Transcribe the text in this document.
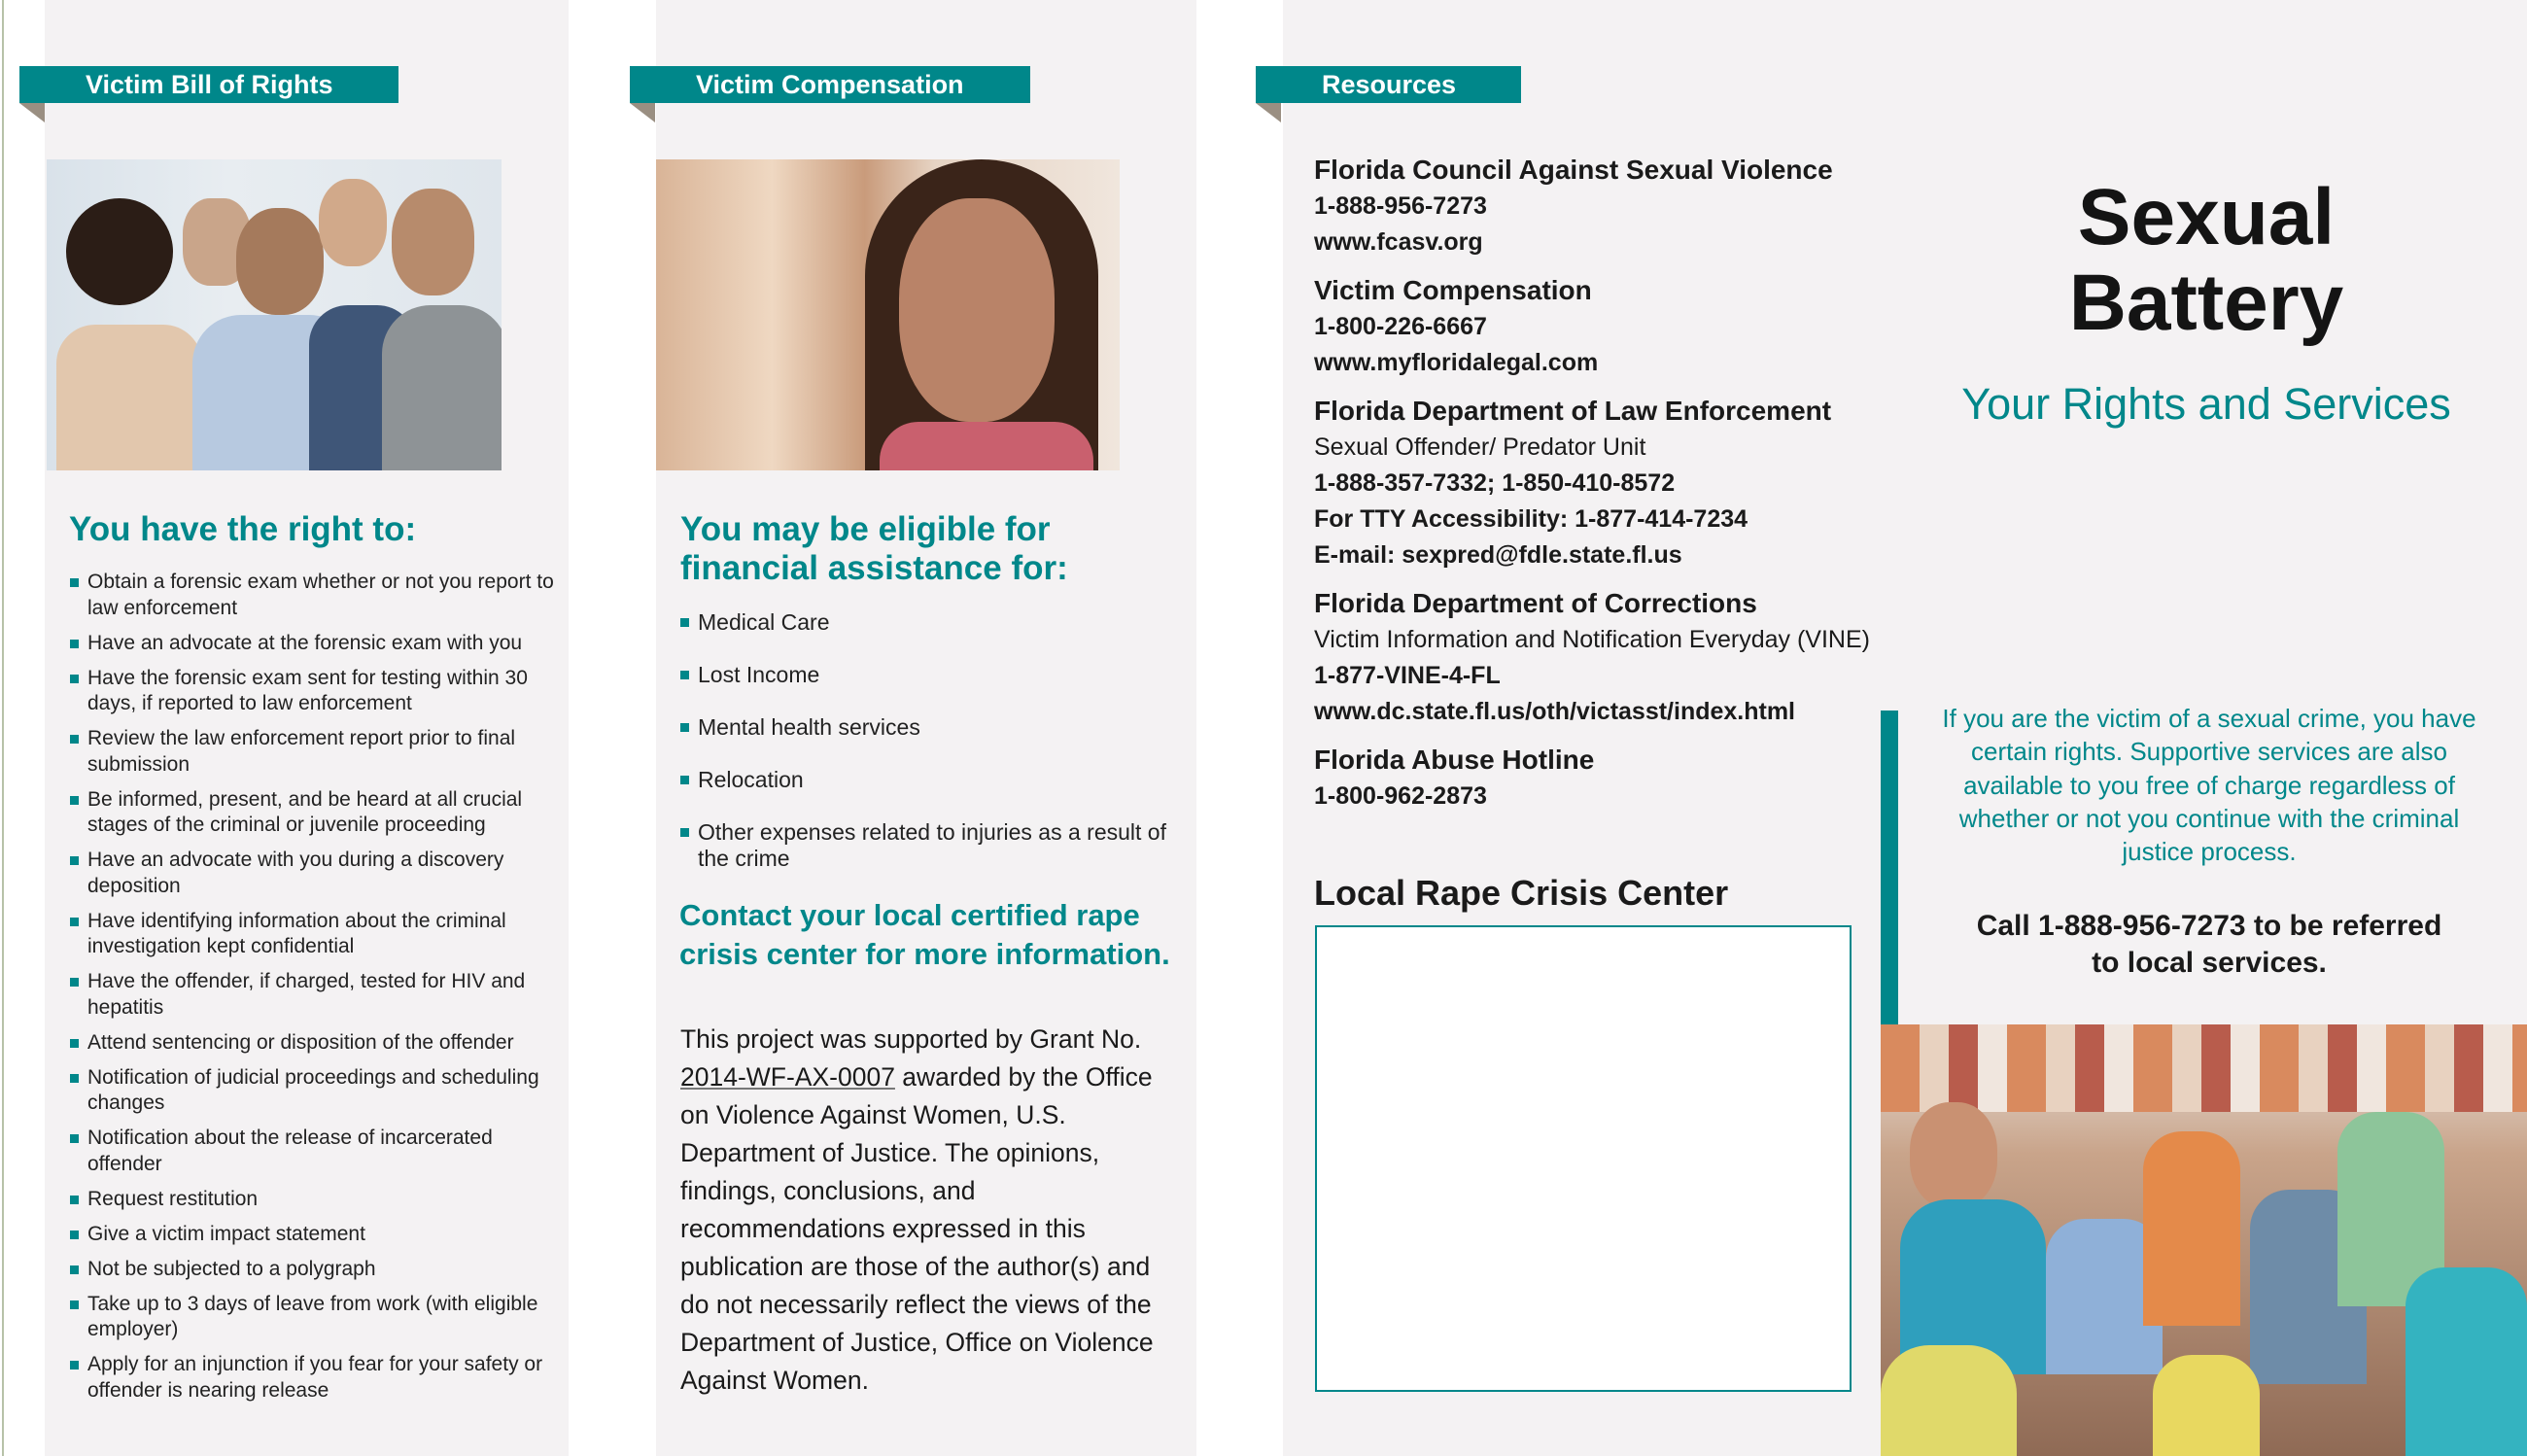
Victim Bill of Rights
You have the right to:
Obtain a forensic exam whether or not you report to law enforcement
Have an advocate at the forensic exam with you
Have the forensic exam sent for testing within 30 days, if reported to law enforcement
Review the law enforcement report prior to final submission
Be informed, present, and be heard at all crucial stages of the criminal or juvenile proceeding
Have an advocate with you during a discovery deposition
Have identifying information about the criminal investigation kept confidential
Have the offender, if charged, tested for HIV and hepatitis
Attend sentencing or disposition of the offender
Notification of judicial proceedings and scheduling changes
Notification about the release of incarcerated offender
Request restitution
Give a victim impact statement
Not be subjected to a polygraph
Take up to 3 days of leave from work (with eligible employer)
Apply for an injunction if you fear for your safety or offender is nearing release
Victim Compensation
You may be eligible for
financial assistance for:
Medical Care
Lost Income
Mental health services
Relocation
Other expenses related to injuries as a result of the crime
Contact your local certified rape
crisis center for more information.
This project was supported by Grant No. 2014-WF-AX-0007 awarded by the Office on Violence Against Women, U.S. Department of Justice. The opinions, findings, conclusions, and recommendations expressed in this publication are those of the author(s) and do not necessarily reflect the views of the Department of Justice, Office on Violence Against Women.
Resources
Florida Council Against Sexual Violence
1-888-956-7273
www.fcasv.org
Victim Compensation
1-800-226-6667
www.myfloridalegal.com
Florida Department of Law Enforcement
Sexual Offender/ Predator Unit
1-888-357-7332; 1-850-410-8572
For TTY Accessibility: 1-877-414-7234
E-mail: sexpred@fdle.state.fl.us
Florida Department of Corrections
Victim Information and Notification Everyday (VINE)
1-877-VINE-4-FL
www.dc.state.fl.us/oth/victasst/index.html
Florida Abuse Hotline
1-800-962-2873
Local Rape Crisis Center
Sexual
Battery
Your Rights and Services
If you are the victim of a sexual crime, you have certain rights. Supportive services are also available to you free of charge regardless of whether or not you continue with the criminal justice process.
Call 1-888-956-7273 to be referred
to local services.
